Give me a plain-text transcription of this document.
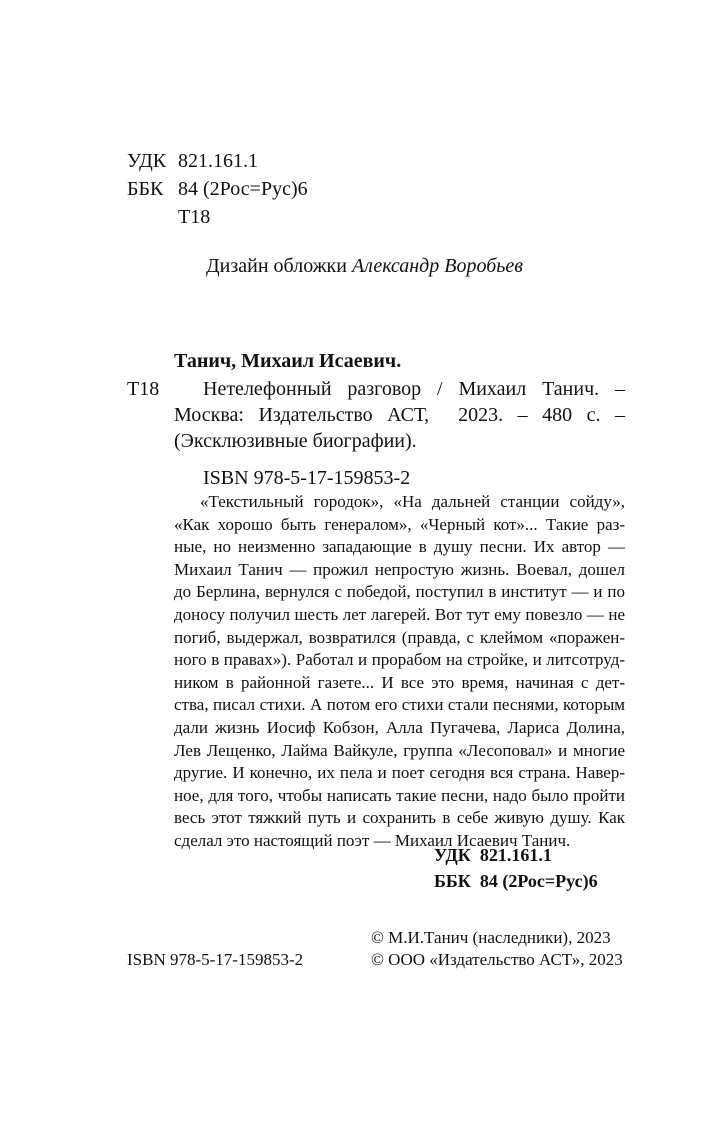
УДК 821.161.1
ББК 84 (2Рос=Рус)6
Т18
Дизайн обложки Александр Воробьев
Танич, Михаил Исаевич.
Т18 Нетелефонный разговор / Михаил Танич. –
Москва: Издательство АСТ,  2023. – 480 с. –
(Эксклюзивные биографии).
ISBN 978-5-17-159853-2
«Текстильный городок», «На дальней станции сойду»,
«Как хорошо быть генералом», «Черный кот»... Такие раз-
ные, но неизменно западающие в душу песни. Их автор —
Михаил Танич — прожил непростую жизнь. Воевал, дошел
до Берлина, вернулся с победой, поступил в институт — и по
доносу получил шесть лет лагерей. Вот тут ему повезло — не
погиб, выдержал, возвратился (правда, с клеймом «поражен-
ного в правах»). Работал и прорабом на стройке, и литсотруд-
ником в районной газете... И все это время, начиная с дет-
ства, писал стихи. А потом его стихи стали песнями, которым
дали жизнь Иосиф Кобзон, Алла Пугачева, Лариса Долина,
Лев Лещенко, Лайма Вайкуле, группа «Лесоповал» и многие
другие. И конечно, их пела и поет сегодня вся страна. Навер-
ное, для того, чтобы написать такие песни, надо было пройти
весь этот тяжкий путь и сохранить в себе живую душу. Как
сделал это настоящий поэт — Михаил Исаевич Танич.
УДК  821.161.1
ББК  84 (2Рос=Рус)6
© М.И.Танич (наследники), 2023
ISBN 978-5-17-159853-2	© ООО «Издательство АСТ», 2023
